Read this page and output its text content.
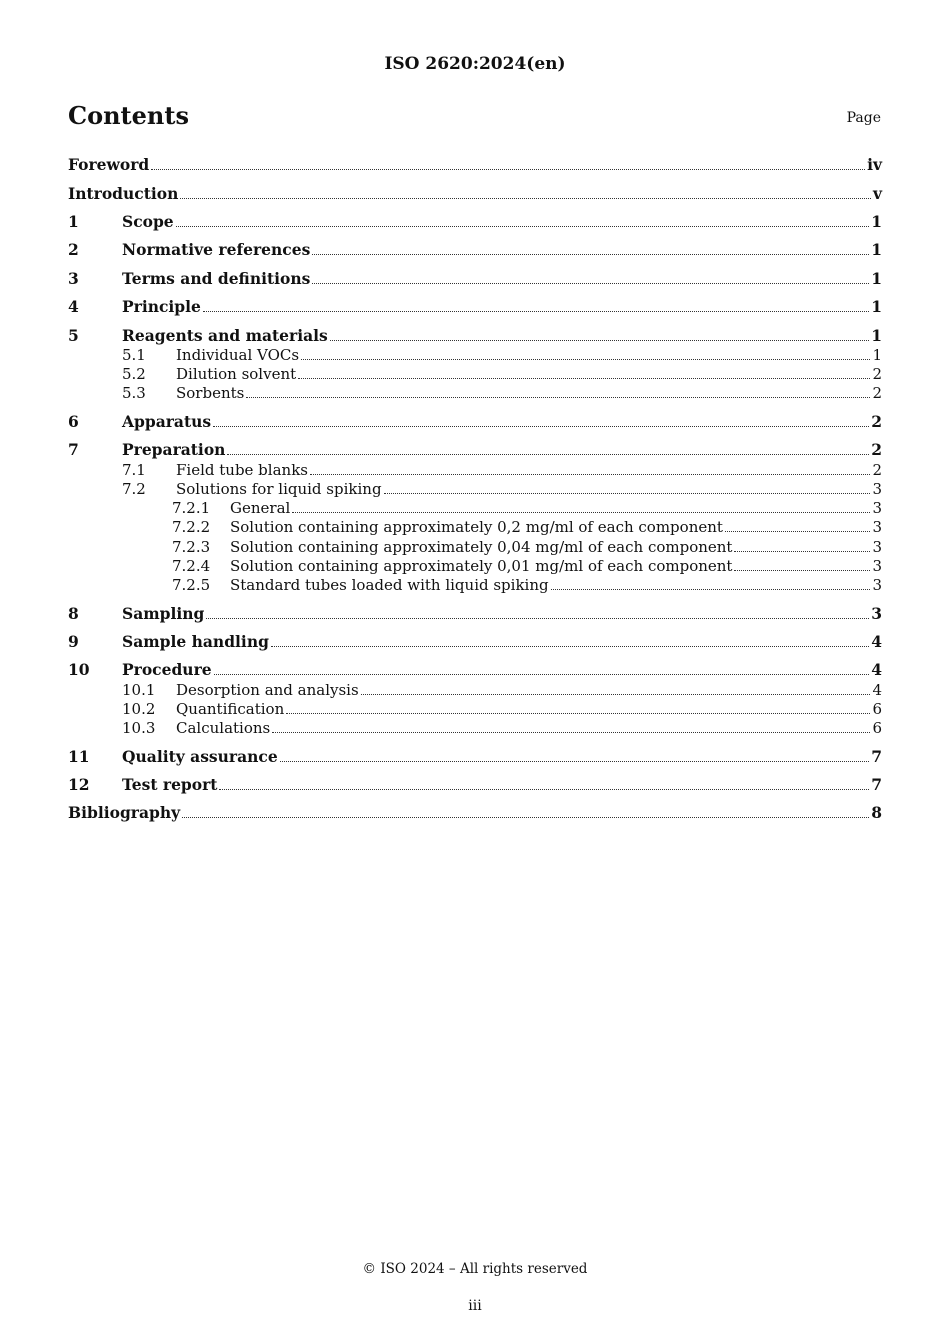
ISO 2620:2024(en)
Contents	Page
Foreword	iv
Introduction	v
1	Scope	1
2	Normative references	1
3	Terms and definitions	1
4	Principle	1
5	Reagents and materials	1
5.1	Individual VOCs	1
5.2	Dilution solvent	2
5.3	Sorbents	2
6	Apparatus	2
7	Preparation	2
7.1	Field tube blanks	2
7.2	Solutions for liquid spiking	3
7.2.1	General	3
7.2.2	Solution containing approximately 0,2 mg/ml of each component	3
7.2.3	Solution containing approximately 0,04 mg/ml of each component	3
7.2.4	Solution containing approximately 0,01 mg/ml of each component	3
7.2.5	Standard tubes loaded with liquid spiking	3
8	Sampling	3
9	Sample handling	4
10	Procedure	4
10.1	Desorption and analysis	4
10.2	Quantification	6
10.3	Calculations	6
11	Quality assurance	7
12	Test report	7
Bibliography	8
© ISO 2024 – All rights reserved
iii
